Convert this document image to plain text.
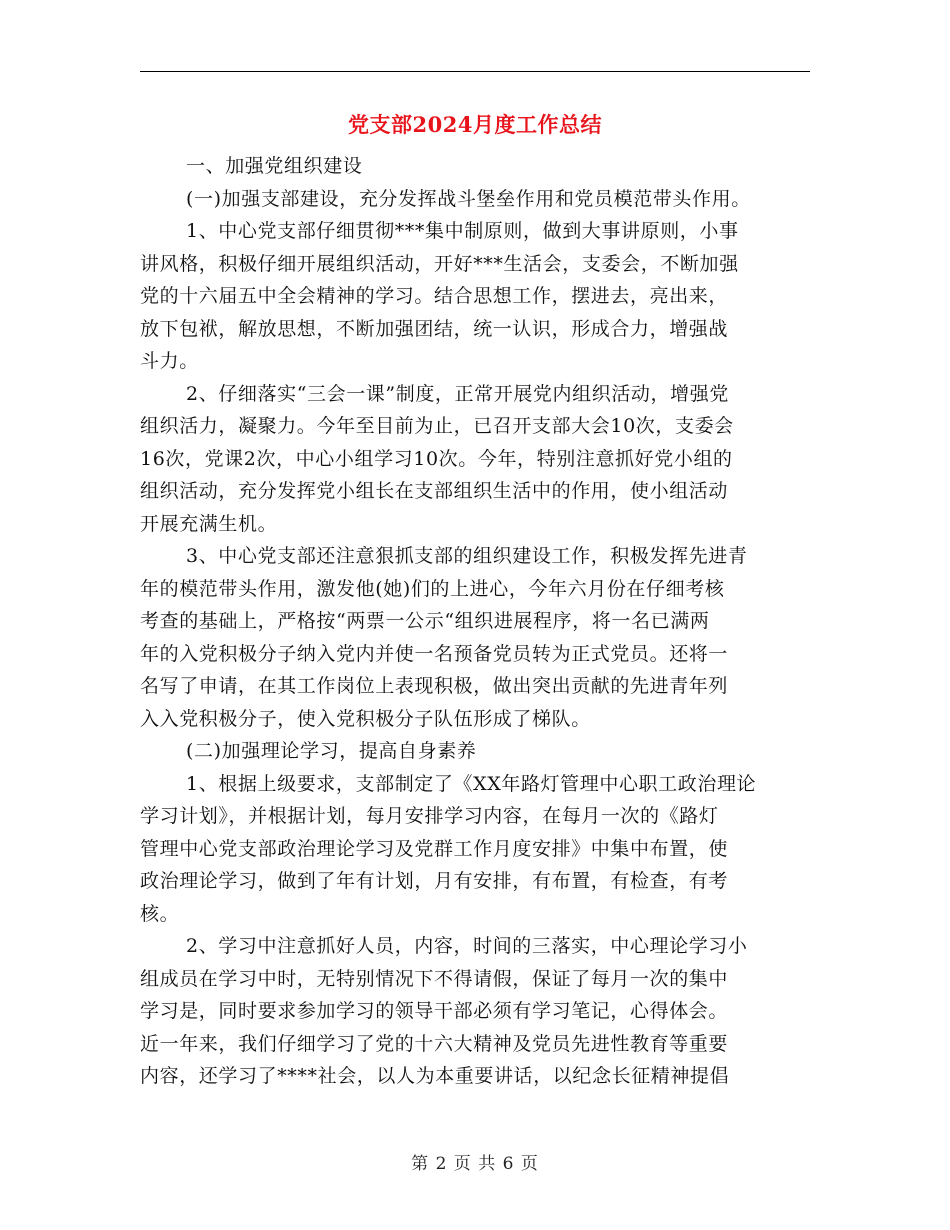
党支部2024月度工作总结
一、加强党组织建设
(一)加强支部建设，充分发挥战斗堡垒作用和党员模范带头作用。
1、中心党支部仔细贯彻***集中制原则，做到大事讲原则，小事
讲风格，积极仔细开展组织活动，开好***生活会，支委会，不断加强
党的十六届五中全会精神的学习。结合思想工作，摆进去，亮出来，
放下包袱，解放思想，不断加强团结，统一认识，形成合力，增强战
斗力。
2、仔细落实“三会一课”制度，正常开展党内组织活动，增强党
组织活力，凝聚力。今年至目前为止，已召开支部大会10次，支委会
16次，党课2次，中心小组学习10次。今年，特别注意抓好党小组的
组织活动，充分发挥党小组长在支部组织生活中的作用，使小组活动
开展充满生机。
3、中心党支部还注意狠抓支部的组织建设工作，积极发挥先进青
年的模范带头作用，激发他(她)们的上进心，今年六月份在仔细考核
考查的基础上，严格按“两票一公示“组织进展程序，将一名已满两
年的入党积极分子纳入党内并使一名预备党员转为正式党员。还将一
名写了申请，在其工作岗位上表现积极，做出突出贡献的先进青年列
入入党积极分子，使入党积极分子队伍形成了梯队。
(二)加强理论学习，提高自身素养
1、根据上级要求，支部制定了《XX年路灯管理中心职工政治理论
学习计划》，并根据计划，每月安排学习内容，在每月一次的《路灯
管理中心党支部政治理论学习及党群工作月度安排》中集中布置，使
政治理论学习，做到了年有计划，月有安排，有布置，有检查，有考
核。
2、学习中注意抓好人员，内容，时间的三落实，中心理论学习小
组成员在学习中时，无特别情况下不得请假，保证了每月一次的集中
学习是，同时要求参加学习的领导干部必须有学习笔记，心得体会。
近一年来，我们仔细学习了党的十六大精神及党员先进性教育等重要
内容，还学习了****社会，以人为本重要讲话，以纪念长征精神提倡
第 2 页 共 6 页
